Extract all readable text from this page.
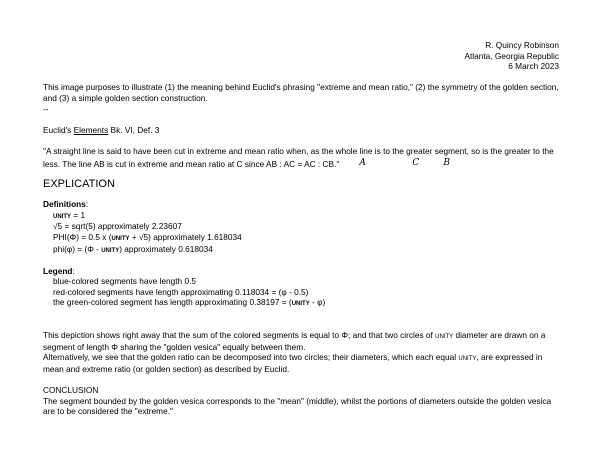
R. Quincy Robinson
Atlanta, Georgia Republic
6 March 2023

This image purposes to illustrate (1) the meaning behind Euclid's phrasing "extreme and mean ratio," (2) the symmetry of the golden section, and (3) a simple golden section construction.

--

Euclid's Elements Bk. VI, Def. 3

"A straight line is said to have been cut in extreme and mean ratio when, as the whole line is to the greater segment, so is the greater to the less. The line AB is cut in extreme and mean ratio at C since AB : AC = AC : CB." A	C	B

EXPLICATION

Definitions:

unity = 1

√5 = sqrt(5) approximately 2.23607

PHI(Φ) = 0.5 x (unity + √5) approximately 1.618034

phi(φ) = (Φ - unity) approximately 0.618034

Legend:

blue-colored segments have length 0.5

red-colored segments have length approximating 0.118034 = (φ - 0.5)

the green-colored segment has length approximating 0.38197 = (unity - φ)

This depiction shows right away that the sum of the colored segments is equal to Φ; and that two circles of unity diameter are drawn on a segment of length Φ sharing the "golden vesica" equally between them.

Alternatively, we see that the golden ratio can be decomposed into two circles; their diameters, which each equal unity, are expressed in mean and extreme ratio (or golden section) as described by Euclid.

CONCLUSION

The segment bounded by the golden vesica corresponds to the "mean" (middle), whilst the portions of diameters outside the golden vesica are to be considered the "extreme."
